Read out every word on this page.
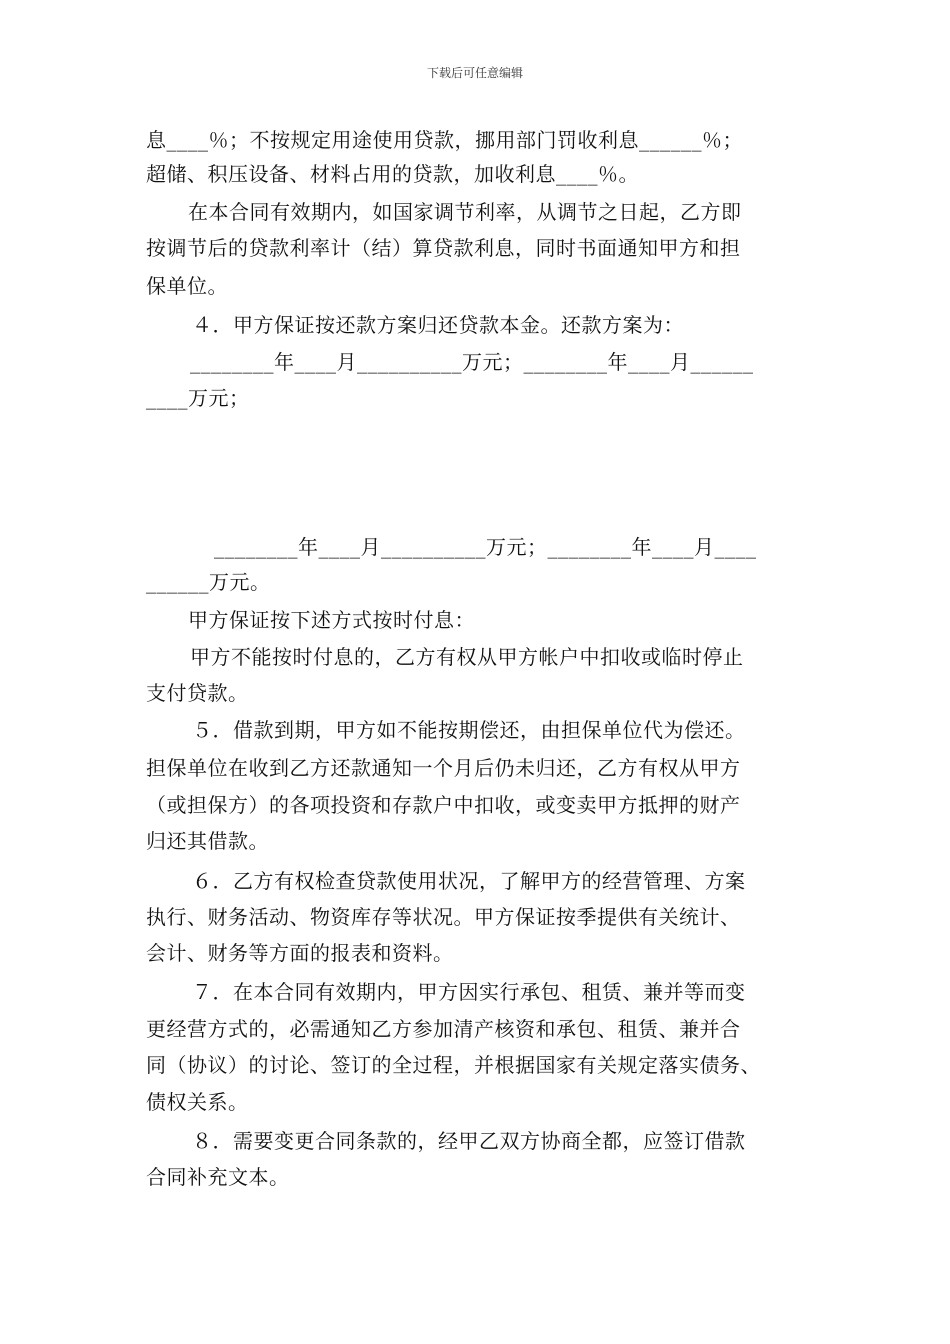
下载后可任意编辑
息____％；不按规定用途使用贷款，挪用部门罚收利息______％；
超储、积压设备、材料占用的贷款，加收利息____％。
在本合同有效期内，如国家调节利率，从调节之日起，乙方即
按调节后的贷款利率计（结）算贷款利息，同时书面通知甲方和担
保单位。
４．甲方保证按还款方案归还贷款本金。还款方案为：
________年____月__________万元；________年____月______
____万元；
________年____月__________万元；________年____月____
______万元。
甲方保证按下述方式按时付息：
甲方不能按时付息的，乙方有权从甲方帐户中扣收或临时停止
支付贷款。
５．借款到期，甲方如不能按期偿还，由担保单位代为偿还。
担保单位在收到乙方还款通知一个月后仍未归还，乙方有权从甲方
（或担保方）的各项投资和存款户中扣收，或变卖甲方抵押的财产
归还其借款。
６．乙方有权检查贷款使用状况，了解甲方的经营管理、方案
执行、财务活动、物资库存等状况。甲方保证按季提供有关统计、
会计、财务等方面的报表和资料。
７．在本合同有效期内，甲方因实行承包、租赁、兼并等而变
更经营方式的，必需通知乙方参加清产核资和承包、租赁、兼并合
同（协议）的讨论、签订的全过程，并根据国家有关规定落实债务、
债权关系。
８．需要变更合同条款的，经甲乙双方协商全都，应签订借款
合同补充文本。
